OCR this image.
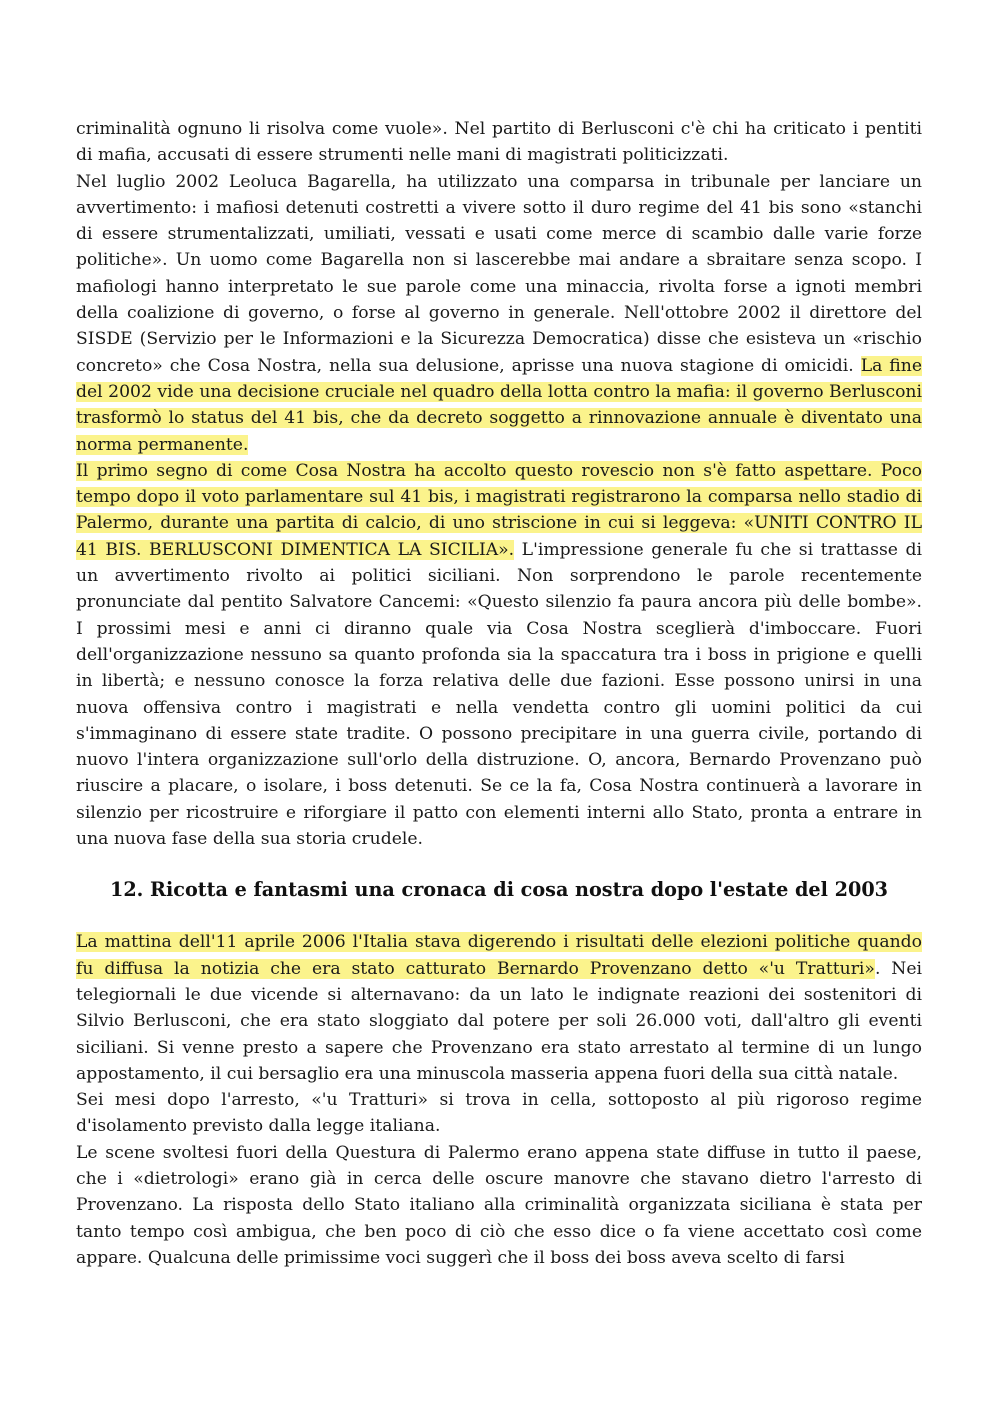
criminalità ognuno li risolva come vuole». Nel partito di Berlusconi c'è chi ha criticato i pentiti di mafia, accusati di essere strumenti nelle mani di magistrati politicizzati.

Nel luglio 2002 Leoluca Bagarella, ha utilizzato una comparsa in tribunale per lanciare un avvertimento: i mafiosi detenuti costretti a vivere sotto il duro regime del 41 bis sono «stanchi di essere strumentalizzati, umiliati, vessati e usati come merce di scambio dalle varie forze politiche». Un uomo come Bagarella non si lascerebbe mai andare a sbraitare senza scopo. I mafiologi hanno interpretato le sue parole come una minaccia, rivolta forse a ignoti membri della coalizione di governo, o forse al governo in generale. Nell'ottobre 2002 il direttore del SISDE (Servizio per le Informazioni e la Sicurezza Democratica) disse che esisteva un «rischio concreto» che Cosa Nostra, nella sua delusione, aprisse una nuova stagione di omicidi. La fine del 2002 vide una decisione cruciale nel quadro della lotta contro la mafia: il governo Berlusconi trasformò lo status del 41 bis, che da decreto soggetto a rinnovazione annuale è diventato una norma permanente.

Il primo segno di come Cosa Nostra ha accolto questo rovescio non s'è fatto aspettare. Poco tempo dopo il voto parlamentare sul 41 bis, i magistrati registrarono la comparsa nello stadio di Palermo, durante una partita di calcio, di uno striscione in cui si leggeva: «UNITI CONTRO IL 41 BIS. BERLUSCONI DIMENTICA LA SICILIA». L'impressione generale fu che si trattasse di un avvertimento rivolto ai politici siciliani. Non sorprendono le parole recentemente pronunciate dal pentito Salvatore Cancemi: «Questo silenzio fa paura ancora più delle bombe». I prossimi mesi e anni ci diranno quale via Cosa Nostra sceglierà d'imboccare. Fuori dell'organizzazione nessuno sa quanto profonda sia la spaccatura tra i boss in prigione e quelli in libertà; e nessuno conosce la forza relativa delle due fazioni. Esse possono unirsi in una nuova offensiva contro i magistrati e nella vendetta contro gli uomini politici da cui s'immaginano di essere state tradite. O possono precipitare in una guerra civile, portando di nuovo l'intera organizzazione sull'orlo della distruzione. O, ancora, Bernardo Provenzano può riuscire a placare, o isolare, i boss detenuti. Se ce la fa, Cosa Nostra continuerà a lavorare in silenzio per ricostruire e riforgiare il patto con elementi interni allo Stato, pronta a entrare in una nuova fase della sua storia crudele.

12. Ricotta e fantasmi una cronaca di cosa nostra dopo l'estate del 2003

La mattina dell'11 aprile 2006 l'Italia stava digerendo i risultati delle elezioni politiche quando fu diffusa la notizia che era stato catturato Bernardo Provenzano detto «'u Tratturi». Nei telegiornali le due vicende si alternavano: da un lato le indignate reazioni dei sostenitori di Silvio Berlusconi, che era stato sloggiato dal potere per soli 26.000 voti, dall'altro gli eventi siciliani. Si venne presto a sapere che Provenzano era stato arrestato al termine di un lungo appostamento, il cui bersaglio era una minuscola masseria appena fuori della sua città natale.

Sei mesi dopo l'arresto, «'u Tratturi» si trova in cella, sottoposto al più rigoroso regime d'isolamento previsto dalla legge italiana.

Le scene svoltesi fuori della Questura di Palermo erano appena state diffuse in tutto il paese, che i «dietrologi» erano già in cerca delle oscure manovre che stavano dietro l'arresto di Provenzano. La risposta dello Stato italiano alla criminalità organizzata siciliana è stata per tanto tempo così ambigua, che ben poco di ciò che esso dice o fa viene accettato così come appare. Qualcuna delle primissime voci suggerì che il boss dei boss aveva scelto di farsi
